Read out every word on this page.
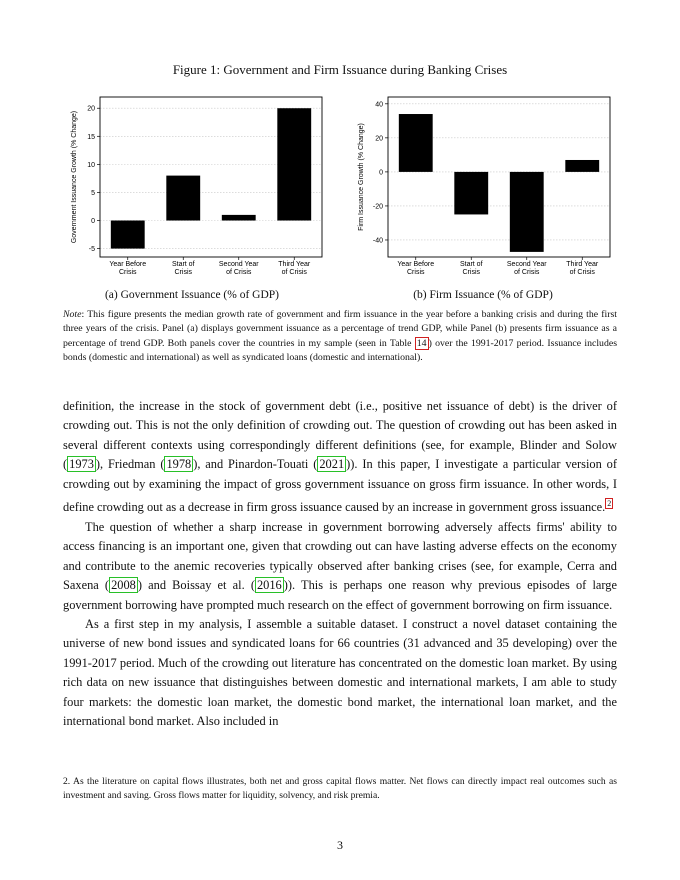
Figure 1: Government and Firm Issuance during Banking Crises
-5
0
5
10
15
20
Year Before
Crisis
Start of
Crisis
Second Year
of Crisis
Third Year
of Crisis
Government Issuance Growth (% Change)	-40
-20
0
20
40
Year Before
Crisis
Start of
Crisis
Second Year
of Crisis
Third Year
of Crisis
Firm Issuance Growth (% Change)
(a) Government Issuance (% of GDP)	(b) Firm Issuance (% of GDP)
Note: This figure presents the median growth rate of government and firm issuance in the year before a banking crisis and during the first three years of the crisis. Panel (a) displays government issuance as a percentage of trend GDP, while Panel (b) presents firm issuance as a percentage of trend GDP. Both panels cover the countries in my sample (seen in Table 14 ) over the 1991-2017 period. Issuance includes bonds (domestic and international) as well as syndicated loans (domestic and international).

definition, the increase in the stock of government debt (i.e., positive net issuance of debt) is the driver of crowding out. This is not the only definition of crowding out. The question of crowding out has been asked in several different contexts using correspondingly different definitions (see, for example, Blinder and Solow ( 1973 ), Friedman ( 1978 ), and Pinardon-Touati ( 2021 )). In this paper, I investigate a particular version of crowding out by examining the impact of gross government issuance on gross firm issuance. In other words, I define crowding out as a decrease in firm gross issuance caused by an increase in government gross issuance. $^2$

The question of whether a sharp increase in government borrowing adversely affects firms' ability to access financing is an important one, given that crowding out can have lasting adverse effects on the economy and contribute to the anemic recoveries typically observed after banking crises (see, for example, Cerra and Saxena ( 2008 ) and Boissay et al. ( 2016 )). This is perhaps one reason why previous episodes of large government borrowing have prompted much research on the effect of government borrowing on firm issuance.

As a first step in my analysis, I assemble a suitable dataset. I construct a novel dataset containing the universe of new bond issues and syndicated loans for 66 countries (31 advanced and 35 developing) over the 1991-2017 period. Much of the crowding out literature has concentrated on the domestic loan market. By using rich data on new issuance that distinguishes between domestic and international markets, I am able to study four markets: the domestic loan market, the domestic bond market, the international loan market, and the international bond market. Also included in

2. As the literature on capital flows illustrates, both net and gross capital flows matter. Net flows can directly impact real outcomes such as investment and saving. Gross flows matter for liquidity, solvency, and risk premia.
3
